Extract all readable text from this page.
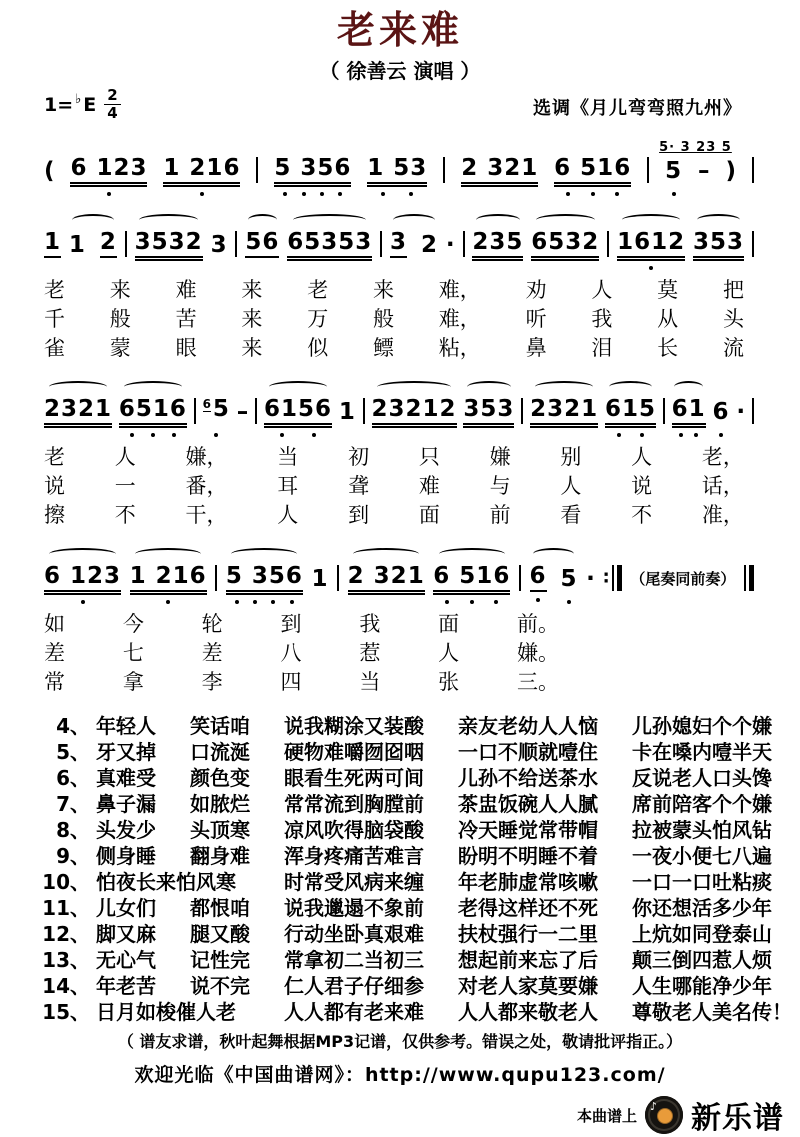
老来难
（ 徐善云 演唱 ）
1= ♭ E $\frac{2}{4}$	选调《月儿弯弯照九州》
( 6 123 1 216 5 356 1 53 2 321 6 516 5
5· 3 23 5
– )
1 1 2 3532 3 56 65353 3 2 · 235 6532 1612 353
老 来 难 来 老 来 难， 劝 人 莫 把
千 般 苦 来 万 般 难， 听 我 从 头
雀 蒙 眼 来 似 鳔 粘， 鼻 泪 长 流
2321 6516 $^6$5 – 6156 1 23212 353 2321 615 61 6 ·
老 人 嫌， 当 初 只 嫌 别 人 老，
说 一 番， 耳 聋 难 与 人 说 话，
擦 不 干， 人 到 面 前 看 不 准，
6 123 1 216 5 356 1 2 321 6 516 6 5 · ∶ （尾奏同前奏）
如	今	轮	到	我	面	前。
差	七	差	八	惹	人	嫌。
常	拿	李	四	当	张	三。
4、 年轻人	笑话咱	说我糊涂又装酸	亲友老幼人人恼	儿孙媳妇个个嫌
5、 牙又掉	口流涎	硬物难嚼囫囵咽	一口不顺就噎住	卡在嗓内噎半天
6、 真难受	颜色变	眼看生死两可间	儿孙不给送茶水	反说老人口头馋
7、 鼻子漏	如脓烂	常常流到胸膛前	茶盅饭碗人人腻	席前陪客个个嫌
8、 头发少	头顶寒	凉风吹得脑袋酸	冷天睡觉常带帽	拉被蒙头怕风钻
9、 侧身睡	翻身难	浑身疼痛苦难言	盼明不明睡不着	一夜小便七八遍
10、 怕夜长来怕风寒	时常受风病来缠	年老肺虚常咳嗽	一口一口吐粘痰
11、 儿女们	都恨咱	说我邋遢不象前	老得这样还不死	你还想活多少年
12、 脚又麻	腿又酸	行动坐卧真艰难	扶杖强行一二里	上炕如同登泰山
13、 无心气	记性完	常拿初二当初三	想起前来忘了后	颠三倒四惹人烦
14、 年老苦	说不完	仁人君子仔细参	对老人家莫要嫌	人生哪能净少年
15、 日月如梭催人老	人人都有老来难	人人都来敬老人	尊敬老人美名传！
（ 谱友求谱，秋叶起舞根据MP3记谱，仅供参考。错误之处，敬请批评指正。）
欢迎光临《中国曲谱网》：http://www.qupu123.com/
本曲谱上 ♪ 新乐谱
